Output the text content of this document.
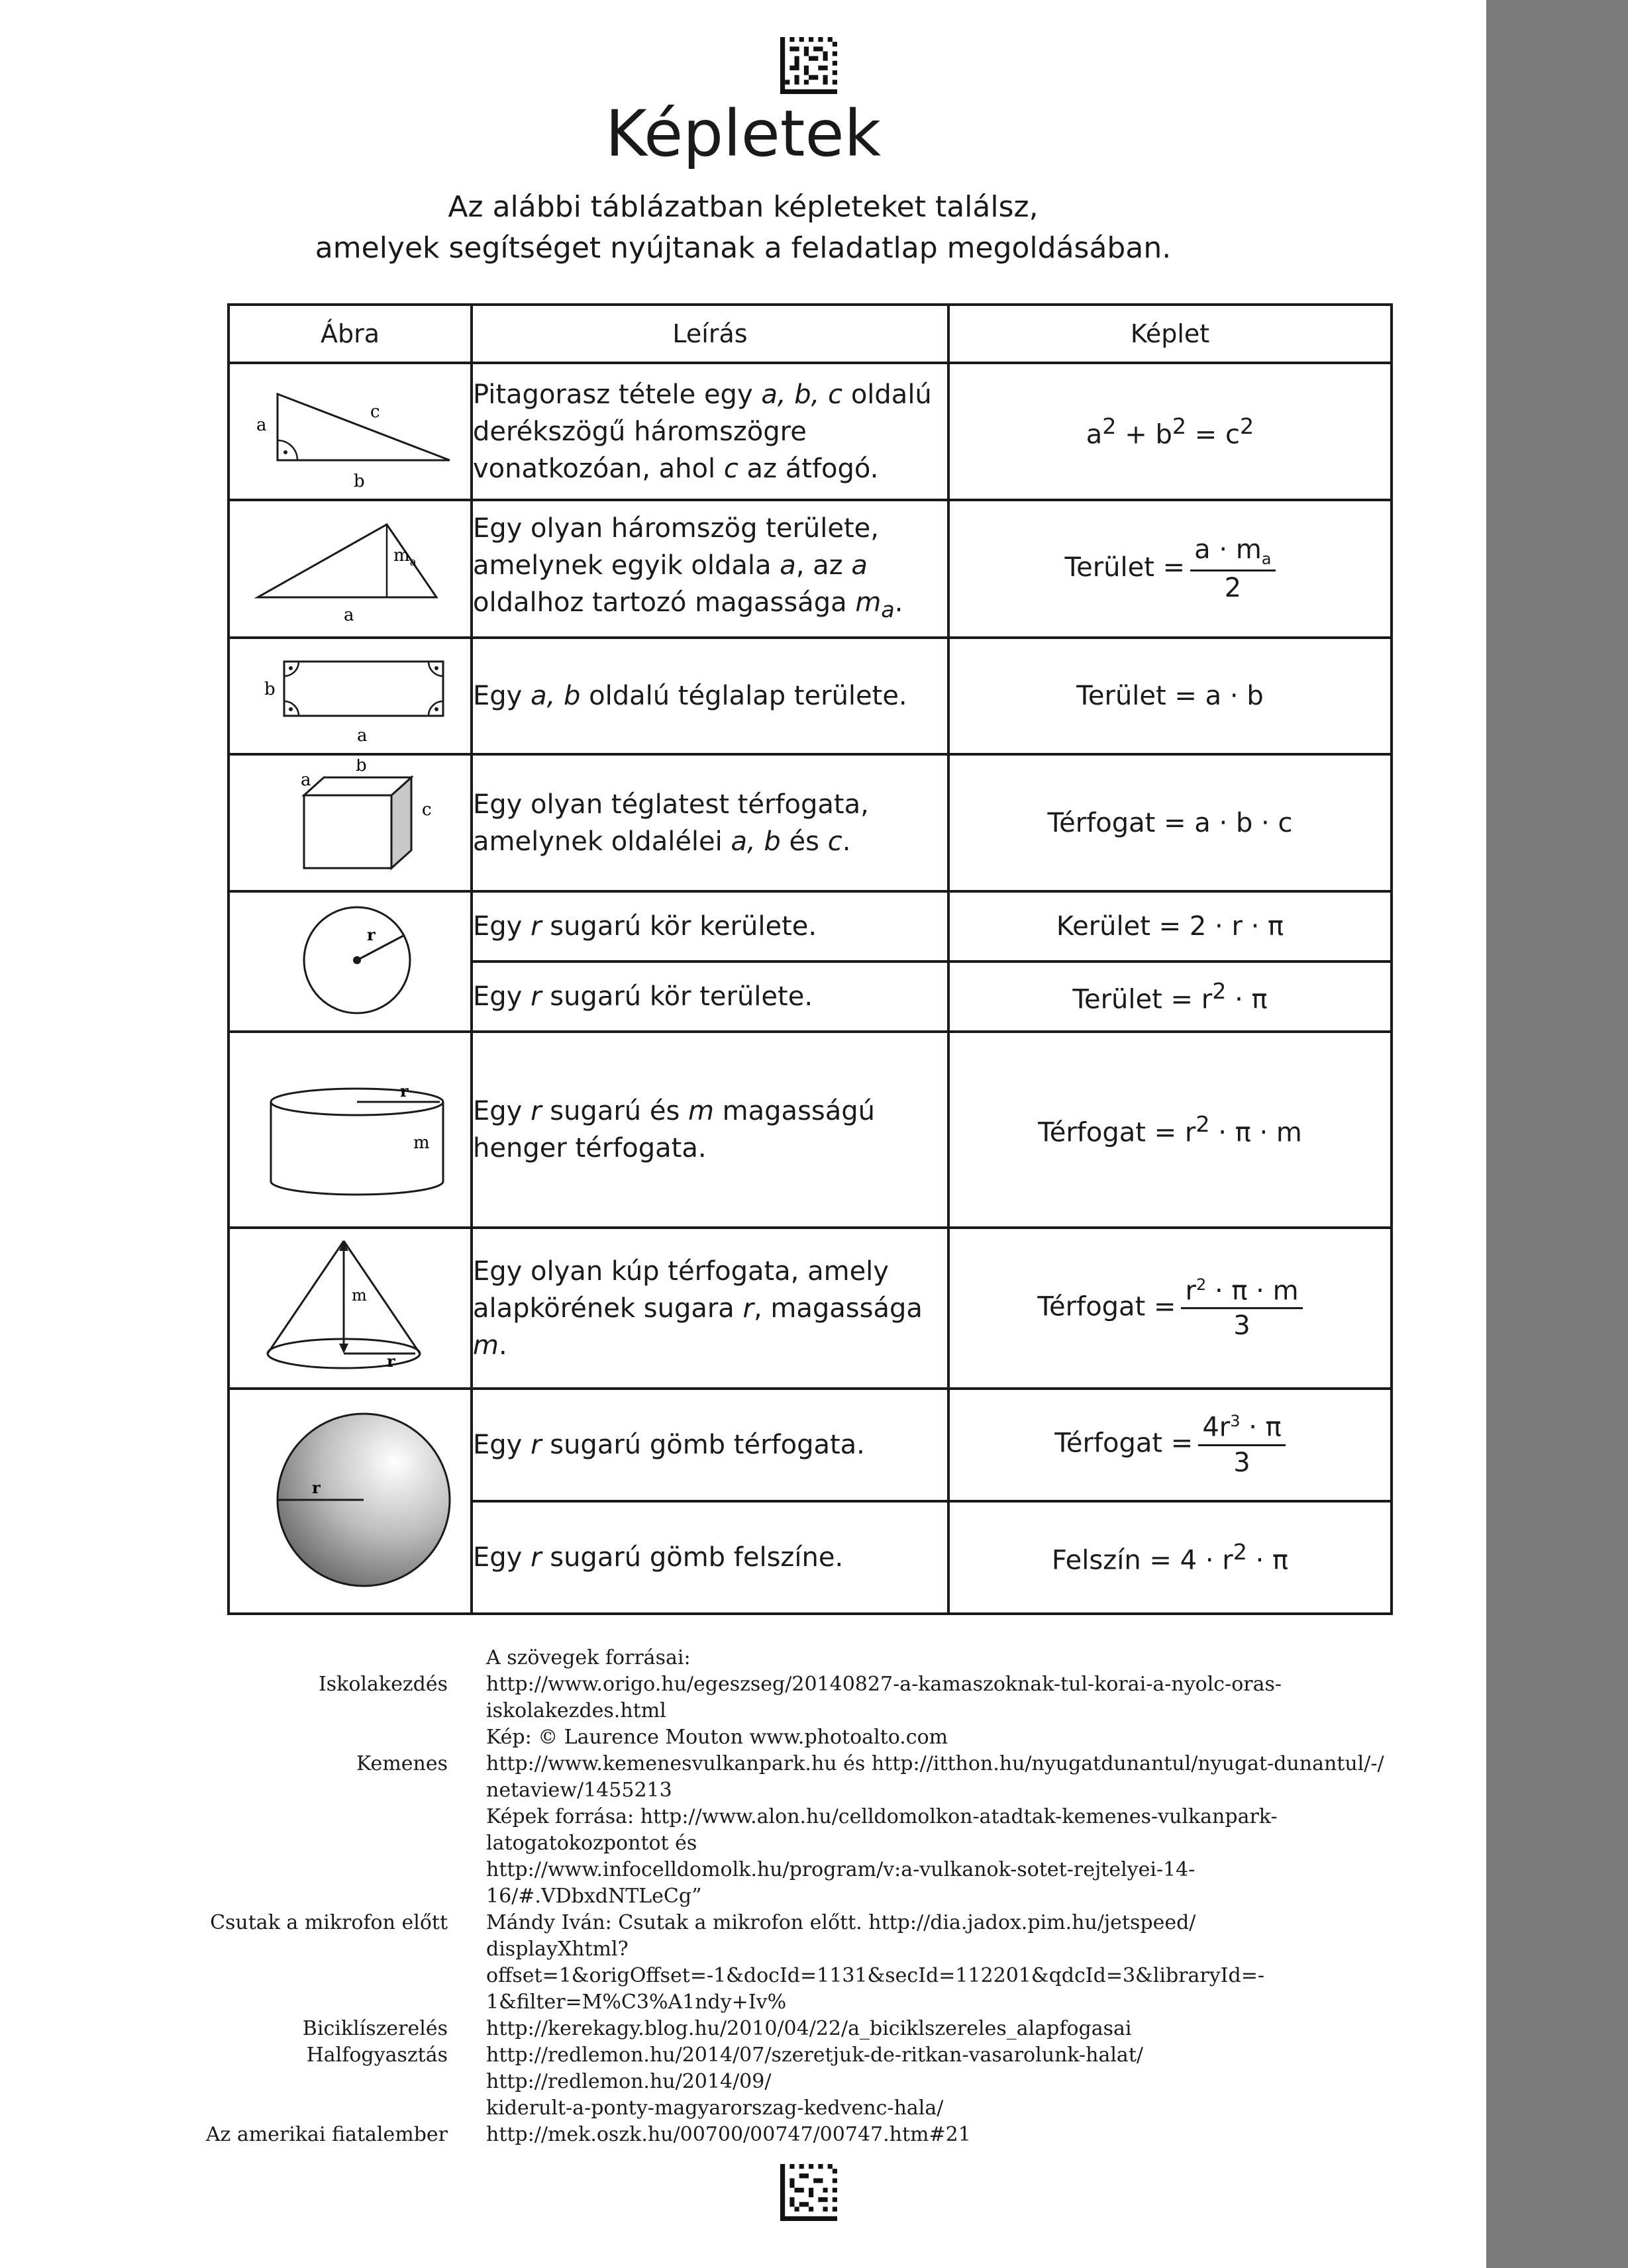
Képletek
Az alábbi táblázatban képleteket találsz,
amelyek segítséget nyújtanak a feladatlap megoldásában.
Ábra	Leírás	Képlet

a
c
b	Pitagorasz tétele egy a, b, c oldalú derékszögű háromszögre vonatkozóan, ahol c az átfogó.	$a^2 + b^2 = c^2$

$m_a$
a	Egy olyan háromszög területe, amelynek egyik oldala a, az a oldalhoz tartozó magassága $m_a$.	Terület = $\frac{a \cdot m_a}{2}$

b
a	Egy a, b oldalú téglalap területe.	Terület = a · b

a
b
c	Egy olyan téglatest térfogata, amelynek oldalélei a, b és c.	Térfogat = a · b · c

r	Egy r sugarú kör kerülete.	Kerület = 2 · r · π
	Egy r sugarú kör területe.	Terület = $r^2 \cdot \pi$

r
m	Egy r sugarú és m magasságú henger térfogata.	Térfogat = $r^2 \cdot \pi \cdot m$

m
r	Egy olyan kúp térfogata, amely alapkörének sugara r, magassága m.	Térfogat = $\frac{r^2 \cdot \pi \cdot m}{3}$

r	Egy r sugarú gömb térfogata.	Térfogat = $\frac{4r^3 \cdot \pi}{3}$

	Egy r sugarú gömb felszíne.	Felszín = $4 \cdot r^2 \cdot \pi$
A szövegek forrásai:
Iskolakezdés http://www.origo.hu/egeszseg/20140827-a-kamaszoknak-tul-korai-a-nyolc-oras-iskolakezdes.html
Kép: © Laurence Mouton www.photoalto.com
Kemenes http://www.kemenesvulkanpark.hu és http://itthon.hu/nyugatdunantul/nyugat-dunantul/-/
netaview/1455213
Képek forrása: http://www.alon.hu/celldomolkon-atadtak-kemenes-vulkanpark-latogatokozpontot és
http://www.infocelldomolk.hu/program/v:a-vulkanok-sotet-rejtelyei-14-16/#.VDbxdNTLeCg”
Csutak a mikrofon előtt Mándy Iván: Csutak a mikrofon előtt. http://dia.jadox.pim.hu/jetspeed/
displayXhtml?offset=1&origOffset=-1&docId=1131&secId=112201&qdcId=3&libraryId=-
1&filter=M%C3%A1ndy+Iv%
Biciklíszerelés http://kerekagy.blog.hu/2010/04/22/a_biciklszereles_alapfogasai
Halfogyasztás http://redlemon.hu/2014/07/szeretjuk-de-ritkan-vasarolunk-halat/ http://redlemon.hu/2014/09/
kiderult-a-ponty-magyarorszag-kedvenc-hala/
Az amerikai fiatalember http://mek.oszk.hu/00700/00747/00747.htm#21
